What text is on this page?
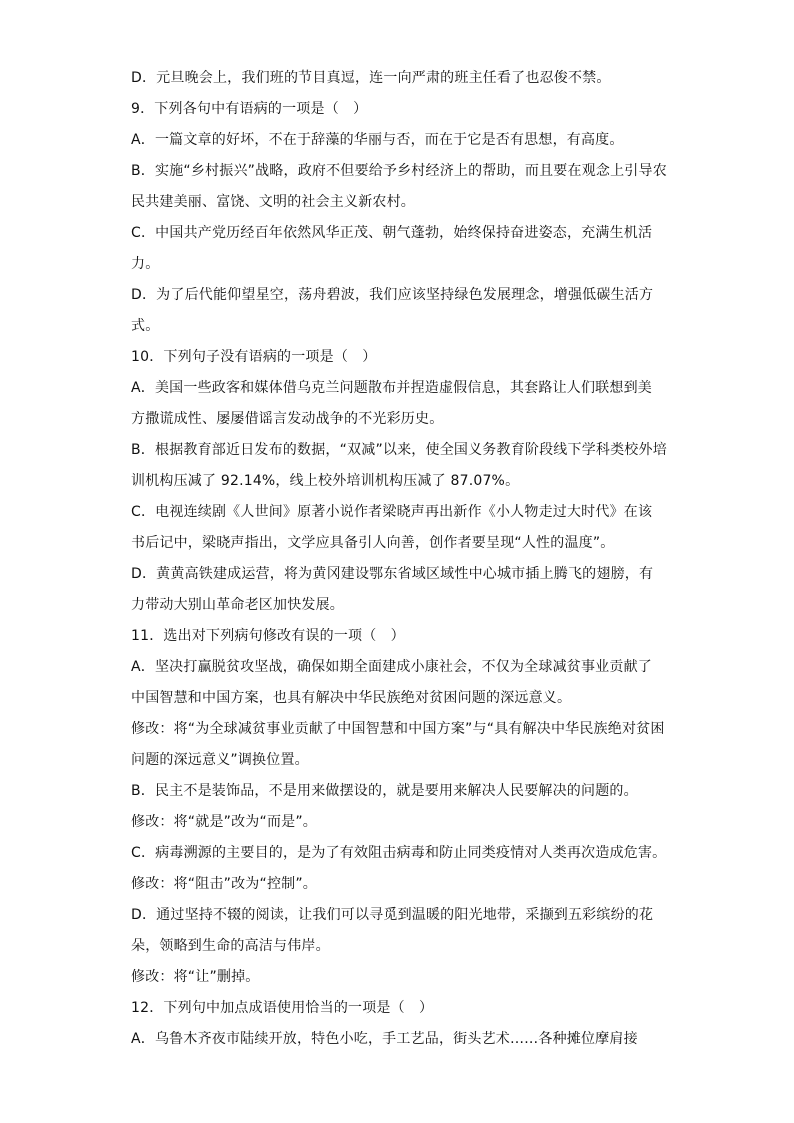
D．元旦晚会上，我们班的节目真逗，连一向严肃的班主任看了也忍俊不禁。
9．下列各句中有语病的一项是（　）
A．一篇文章的好坏，不在于辞藻的华丽与否，而在于它是否有思想，有高度。
B．实施“乡村振兴”战略，政府不但要给予乡村经济上的帮助，而且要在观念上引导农
民共建美丽、富饶、文明的社会主义新农村。
C．中国共产党历经百年依然风华正茂、朝气蓬勃，始终保持奋进姿态，充满生机活
力。
D．为了后代能仰望星空，荡舟碧波，我们应该坚持绿色发展理念，增强低碳生活方
式。
10．下列句子没有语病的一项是（　）
A．美国一些政客和媒体借乌克兰问题散布并捏造虚假信息，其套路让人们联想到美
方撒谎成性、屡屡借谣言发动战争的不光彩历史。
B．根据教育部近日发布的数据，“双减”以来，使全国义务教育阶段线下学科类校外培
训机构压减了 92.14%，线上校外培训机构压减了 87.07%。
C．电视连续剧《人世间》原著小说作者梁晓声再出新作《小人物走过大时代》在该
书后记中，梁晓声指出，文学应具备引人向善，创作者要呈现“人性的温度”。
D．黄黄高铁建成运营，将为黄冈建设鄂东省域区域性中心城市插上腾飞的翅膀，有
力带动大别山革命老区加快发展。
11．选出对下列病句修改有误的一项（　）
A．坚决打赢脱贫攻坚战，确保如期全面建成小康社会，不仅为全球减贫事业贡献了
中国智慧和中国方案，也具有解决中华民族绝对贫困问题的深远意义。
修改：将“为全球减贫事业贡献了中国智慧和中国方案”与“具有解决中华民族绝对贫困
问题的深远意义”调换位置。
B．民主不是装饰品，不是用来做摆设的，就是要用来解决人民要解决的问题的。
修改：将“就是”改为“而是”。
C．病毒溯源的主要目的，是为了有效阻击病毒和防止同类疫情对人类再次造成危害。
修改：将“阻击”改为“控制”。
D．通过坚持不辍的阅读，让我们可以寻觅到温暖的阳光地带，采撷到五彩缤纷的花
朵，领略到生命的高洁与伟岸。
修改：将“让”删掉。
12．下列句中加点成语使用恰当的一项是（　）
A．乌鲁木齐夜市陆续开放，特色小吃，手工艺品，街头艺术……各种摊位摩肩接
